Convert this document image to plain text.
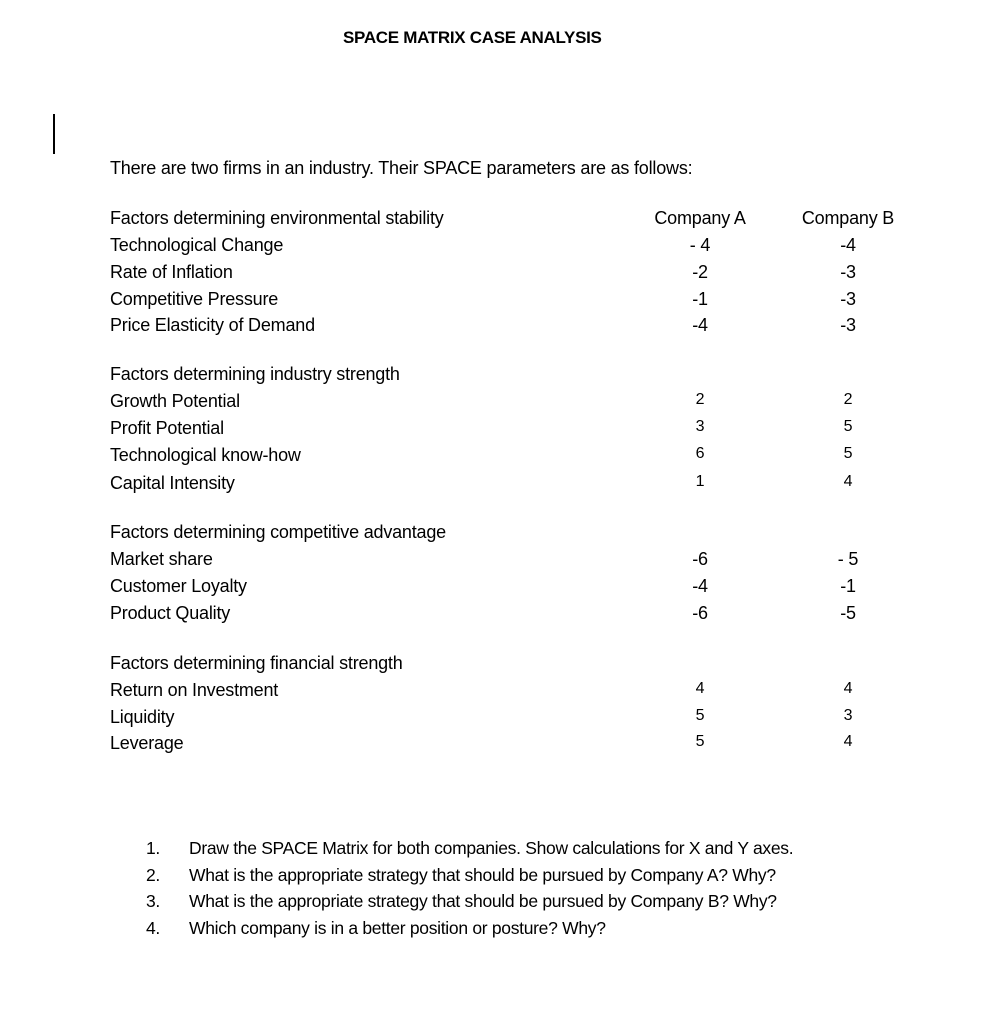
SPACE MATRIX CASE ANALYSIS
There are two firms in an industry. Their SPACE parameters are as follows:
Factors determining environmental stability	Company A	Company B
Technological Change	- 4	-4
Rate of Inflation	-2	-3
Competitive Pressure	-1	-3
Price Elasticity of Demand	-4	-3
Factors determining industry strength
Growth Potential	2	2
Profit Potential	3	5
Technological know-how	6	5
Capital Intensity	1	4
Factors determining competitive advantage
Market share	-6	- 5
Customer Loyalty	-4	-1
Product Quality	-6	-5
Factors determining financial strength
Return on Investment	4	4
Liquidity	5	3
Leverage	5	4
1. Draw the SPACE Matrix for both companies. Show calculations for X and Y axes.
2. What is the appropriate strategy that should be pursued by Company A? Why?
3. What is the appropriate strategy that should be pursued by Company B? Why?
4. Which company is in a better position or posture? Why?
